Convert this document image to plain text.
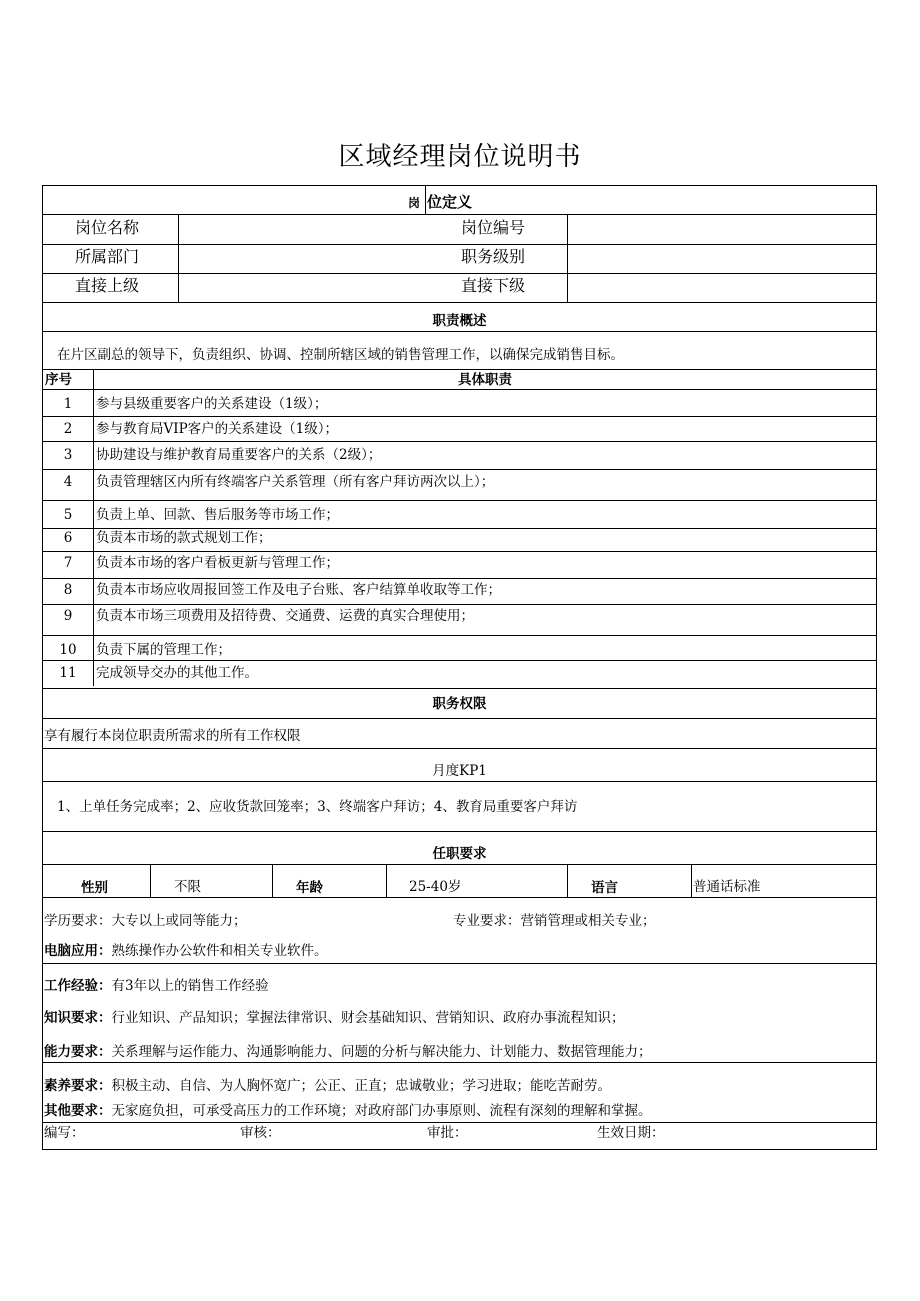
区域经理岗位说明书
岗 位定义
岗位名称	岗位编号
所属部门	职务级别
直接上级	直接下级
职责概述
在片区副总的领导下，负责组织、协调、控制所辖区域的销售管理工作，以确保完成销售目标。
序号	具体职责
1	参与县级重要客户的关系建设（1级）；
2	参与教育局VIP客户的关系建设（1级）；
3	协助建设与维护教育局重要客户的关系（2级）；
4	负责管理辖区内所有终端客户关系管理（所有客户拜访两次以上）；
5	负责上单、回款、售后服务等市场工作；
6	负责本市场的款式规划工作；
7	负责本市场的客户看板更新与管理工作；
8	负责本市场应收周报回签工作及电子台账、客户结算单收取等工作；
9	负责本市场三项费用及招待费、交通费、运费的真实合理使用；
10	负责下属的管理工作；
11	完成领导交办的其他工作。
职务权限
享有履行本岗位职责所需求的所有工作权限
月度KP1
1、上单任务完成率；2、应收货款回笼率；3、终端客户拜访；4、教育局重要客户拜访
任职要求
性别	不限	年龄	25-40岁	语言	普通话标准
学历要求：大专以上或同等能力；	专业要求：营销管理或相关专业；
电脑应用：熟练操作办公软件和相关专业软件。
工作经验：有3年以上的销售工作经验
知识要求：行业知识、产品知识；掌握法律常识、财会基础知识、营销知识、政府办事流程知识；
能力要求：关系理解与运作能力、沟通影响能力、问题的分析与解决能力、计划能力、数据管理能力；
素养要求：积极主动、自信、为人胸怀宽广；公正、正直；忠诚敬业；学习进取；能吃苦耐劳。
其他要求：无家庭负担，可承受高压力的工作环境；对政府部门办事原则、流程有深刻的理解和掌握。
编写：	审核：	审批：	生效日期：
